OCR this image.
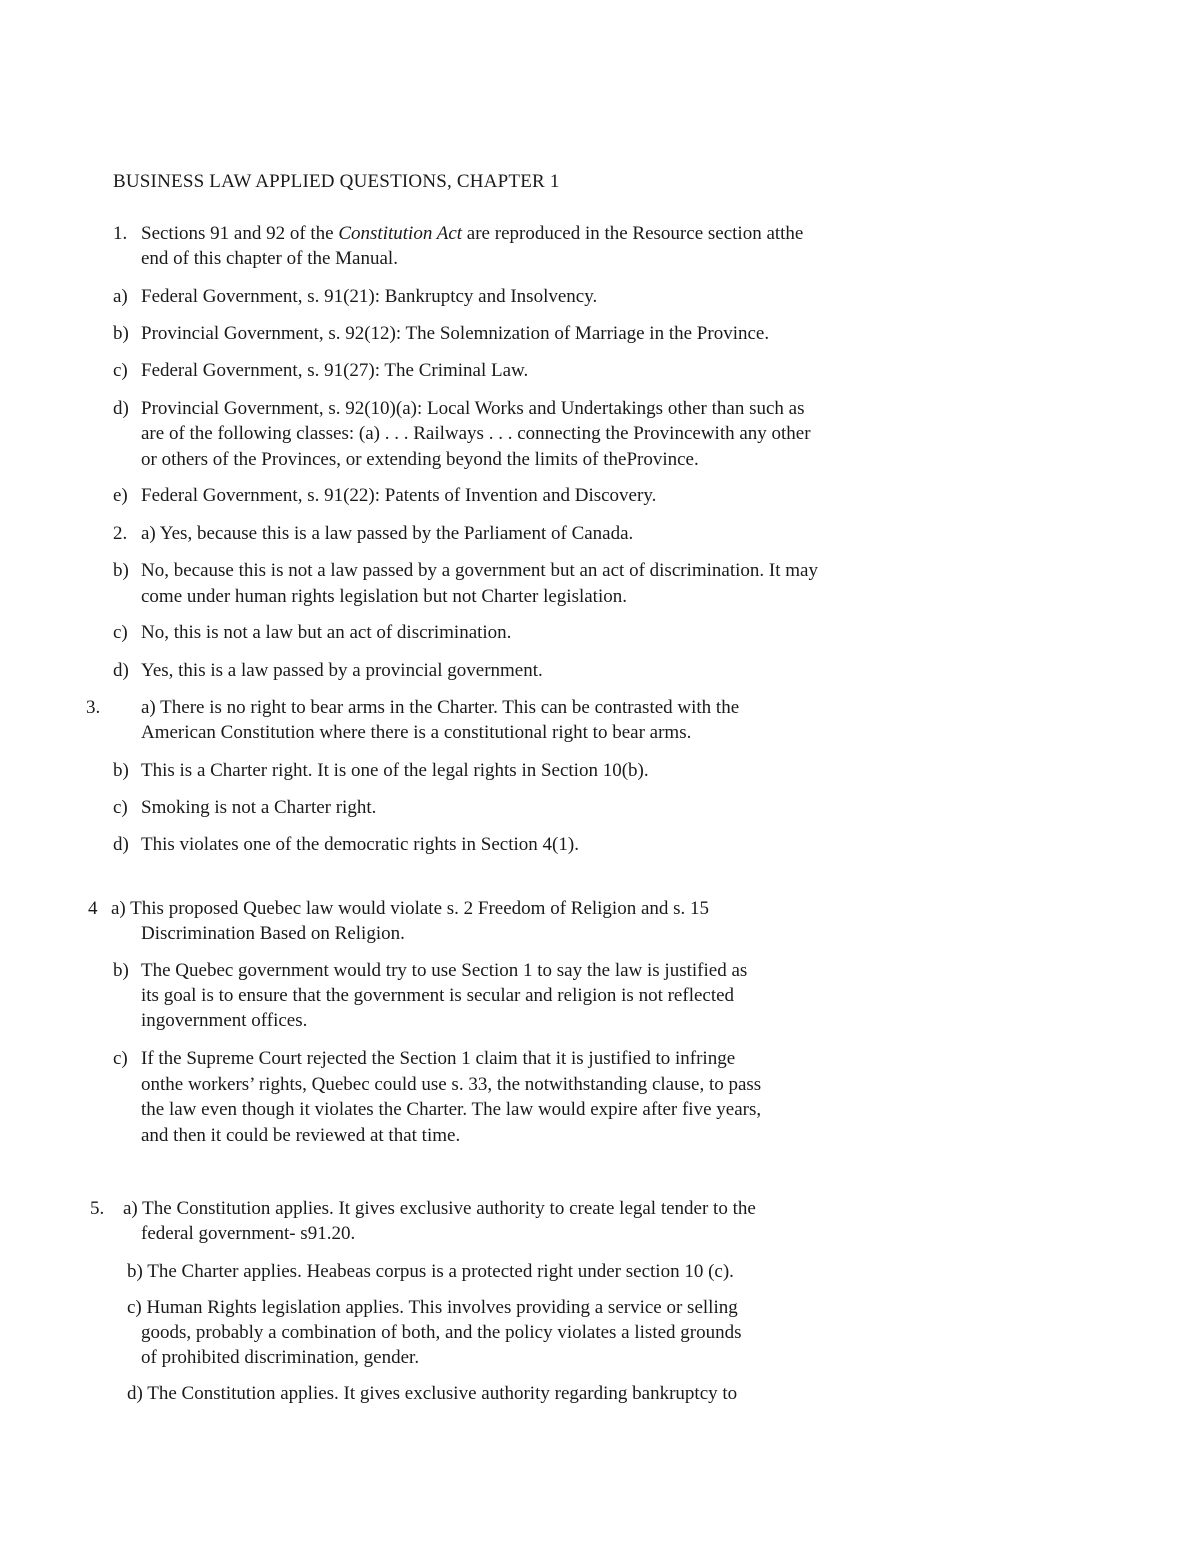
BUSINESS LAW APPLIED QUESTIONS, CHAPTER 1

1. Sections 91 and 92 of the Constitution Act are reproduced in the Resource section atthe

end of this chapter of the Manual.

a) Federal Government, s. 91(21): Bankruptcy and Insolvency.

b) Provincial Government, s. 92(12): The Solemnization of Marriage in the Province.

c) Federal Government, s. 91(27): The Criminal Law.

d) Provincial Government, s. 92(10)(a): Local Works and Undertakings other than such as

are of the following classes: (a) . . . Railways . . . connecting the Provincewith any other

or others of the Provinces, or extending beyond the limits of theProvince.

e) Federal Government, s. 91(22): Patents of Invention and Discovery.

2. a) Yes, because this is a law passed by the Parliament of Canada.

b) No, because this is not a law passed by a government but an act of discrimination. It may

come under human rights legislation but not Charter legislation.

c) No, this is not a law but an act of discrimination.

d) Yes, this is a law passed by a provincial government.

3. a) There is no right to bear arms in the Charter. This can be contrasted with the

American Constitution where there is a constitutional right to bear arms.

b) This is a Charter right. It is one of the legal rights in Section 10(b).

c) Smoking is not a Charter right.

d) This violates one of the democratic rights in Section 4(1).

4 a) This proposed Quebec law would violate s. 2 Freedom of Religion and s. 15

Discrimination Based on Religion.

b) The Quebec government would try to use Section 1 to say the law is justified as

its goal is to ensure that the government is secular and religion is not reflected

ingovernment offices.

c) If the Supreme Court rejected the Section 1 claim that it is justified to infringe

onthe workers’ rights, Quebec could use s. 33, the notwithstanding clause, to pass

the law even though it violates the Charter. The law would expire after five years,

and then it could be reviewed at that time.

5. a) The Constitution applies. It gives exclusive authority to create legal tender to the

federal government- s91.20.

b) The Charter applies. Heabeas corpus is a protected right under section 10 (c).

c) Human Rights legislation applies. This involves providing a service or selling

goods, probably a combination of both, and the policy violates a listed grounds

of prohibited discrimination, gender.

d) The Constitution applies. It gives exclusive authority regarding bankruptcy to
